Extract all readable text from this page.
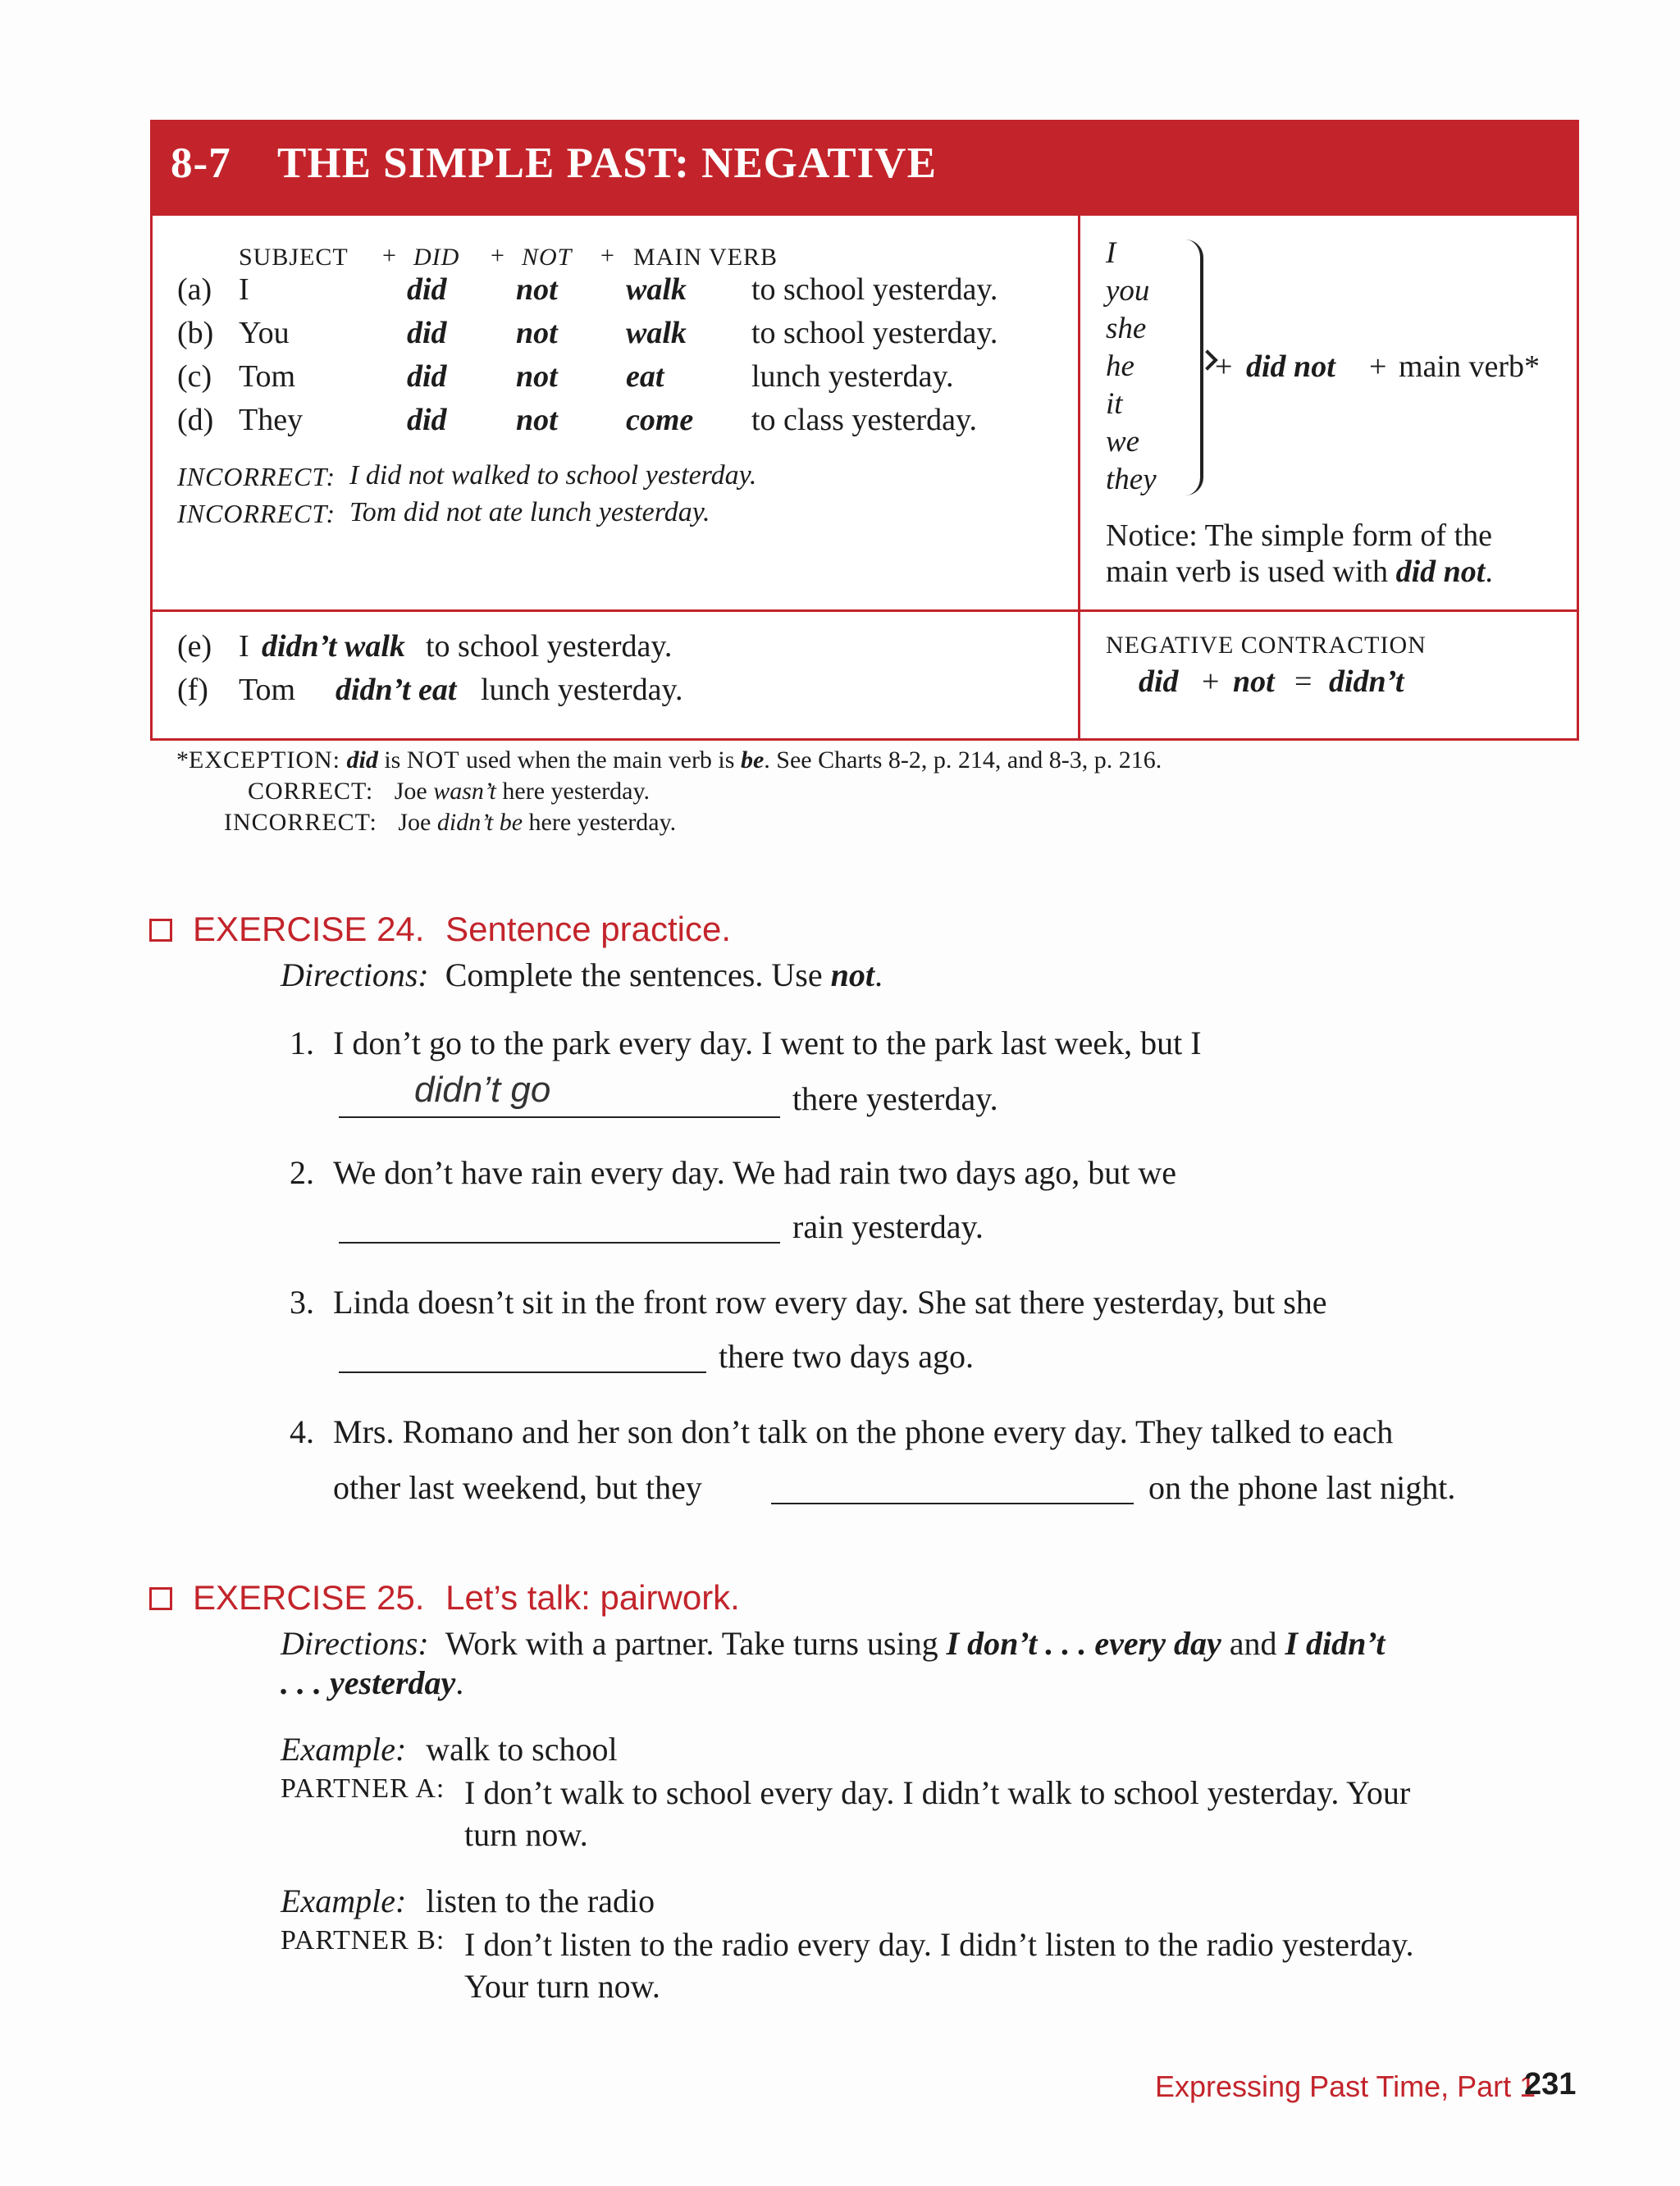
8-7 THE SIMPLE PAST: NEGATIVE
SUBJECT + DID + NOT + MAIN VERB
(a) I	did not walk to school yesterday.
(b) You	did not walk to school yesterday.
(c) Tom	did not eat	lunch yesterday.
(d) They	did not come to class yesterday.
INCORRECT: I did not walked to school yesterday.
INCORRECT: Tom did not ate lunch yesterday.
I
you
she
he
it
we
they
+ did not + main verb*
Notice: The simple form of the
main verb is used with did not.
(e) I didn’t walk to school yesterday.
(f) Tom didn’t eat lunch yesterday.
NEGATIVE CONTRACTION
did + not = didn’t
*EXCEPTION: did is NOT used when the main verb is be. See Charts 8-2, p. 214, and 8-3, p. 216.
CORRECT: Joe wasn’t here yesterday.
INCORRECT: Joe didn’t be here yesterday.
EXERCISE 24. Sentence practice.
Directions: Complete the sentences. Use not.
1. I don’t go to the park every day. I went to the park last week, but I
didn’t go	there yesterday.
2. We don’t have rain every day. We had rain two days ago, but we
rain yesterday.
3. Linda doesn’t sit in the front row every day. She sat there yesterday, but she
there two days ago.
4. Mrs. Romano and her son don’t talk on the phone every day. They talked to each
other last weekend, but they	on the phone last night.
EXERCISE 25. Let’s talk: pairwork.
Directions: Work with a partner. Take turns using I don’t . . . every day and I didn’t
. . . yesterday.
Example: walk to school
PARTNER A: I don’t walk to school every day. I didn’t walk to school yesterday. Your
turn now.
Example: listen to the radio
PARTNER B: I don’t listen to the radio every day. I didn’t listen to the radio yesterday.
Your turn now.
Expressing Past Time, Part 1
231
